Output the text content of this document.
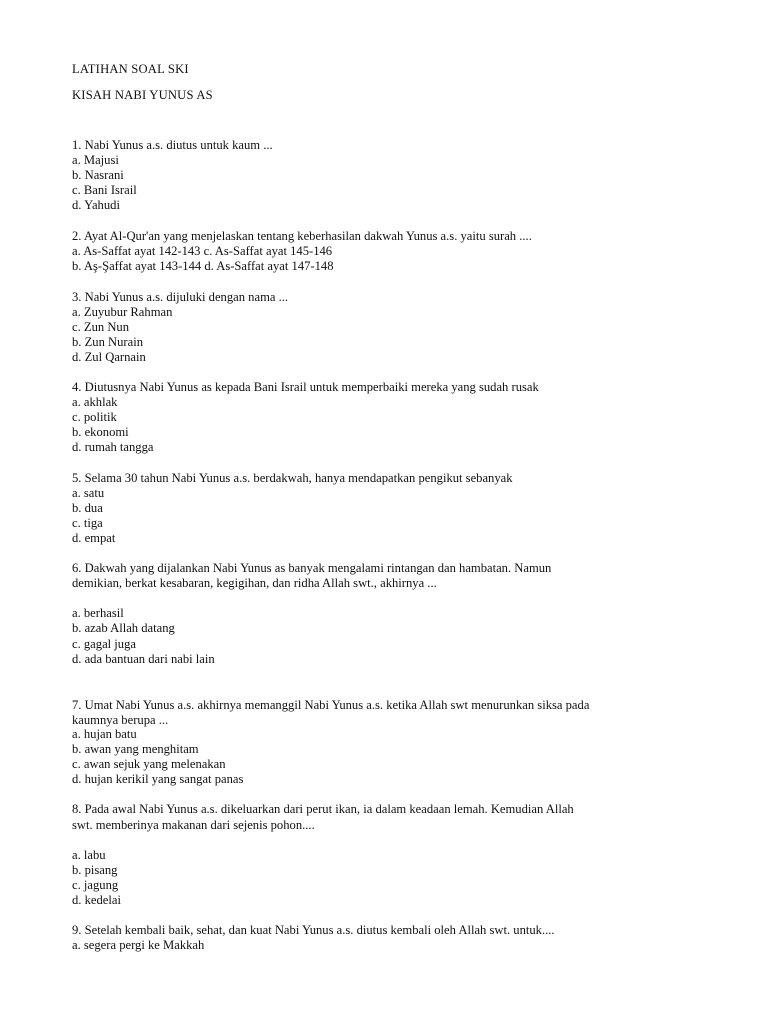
LATIHAN SOAL SKI
KISAH NABI YUNUS AS
1. Nabi Yunus a.s. diutus untuk kaum ...
a. Majusi
b. Nasrani
c. Bani Israil
d. Yahudi
2. Ayat Al-Qur'an yang menjelaskan tentang keberhasilan dakwah Yunus a.s. yaitu surah ....
a. As-Saffat ayat 142-143 c. As-Saffat ayat 145-146
b. Aş-Şaffat ayat 143-144 d. As-Saffat ayat 147-148
3. Nabi Yunus a.s. dijuluki dengan nama ...
a. Zuyubur Rahman
c. Zun Nun
b. Zun Nurain
d. Zul Qarnain
4. Diutusnya Nabi Yunus as kepada Bani Israil untuk memperbaiki mereka yang sudah rusak
a. akhlak
c. politik
b. ekonomi
d. rumah tangga
5. Selama 30 tahun Nabi Yunus a.s. berdakwah, hanya mendapatkan pengikut sebanyak
a. satu
b. dua
c. tiga
d. empat
6. Dakwah yang dijalankan Nabi Yunus as banyak mengalami rintangan dan hambatan. Namun
demikian, berkat kesabaran, kegigihan, dan ridha Allah swt., akhirnya ...
a. berhasil
b. azab Allah datang
c. gagal juga
d. ada bantuan dari nabi lain
7. Umat Nabi Yunus a.s. akhirnya memanggil Nabi Yunus a.s. ketika Allah swt menurunkan siksa pada
kaumnya berupa ...
a. hujan batu
b. awan yang menghitam
c. awan sejuk yang melenakan
d. hujan kerikil yang sangat panas
8. Pada awal Nabi Yunus a.s. dikeluarkan dari perut ikan, ia dalam keadaan lemah. Kemudian Allah
swt. memberinya makanan dari sejenis pohon....
a. labu
b. pisang
c. jagung
d. kedelai
9. Setelah kembali baik, sehat, dan kuat Nabi Yunus a.s. diutus kembali oleh Allah swt. untuk....
a. segera pergi ke Makkah
